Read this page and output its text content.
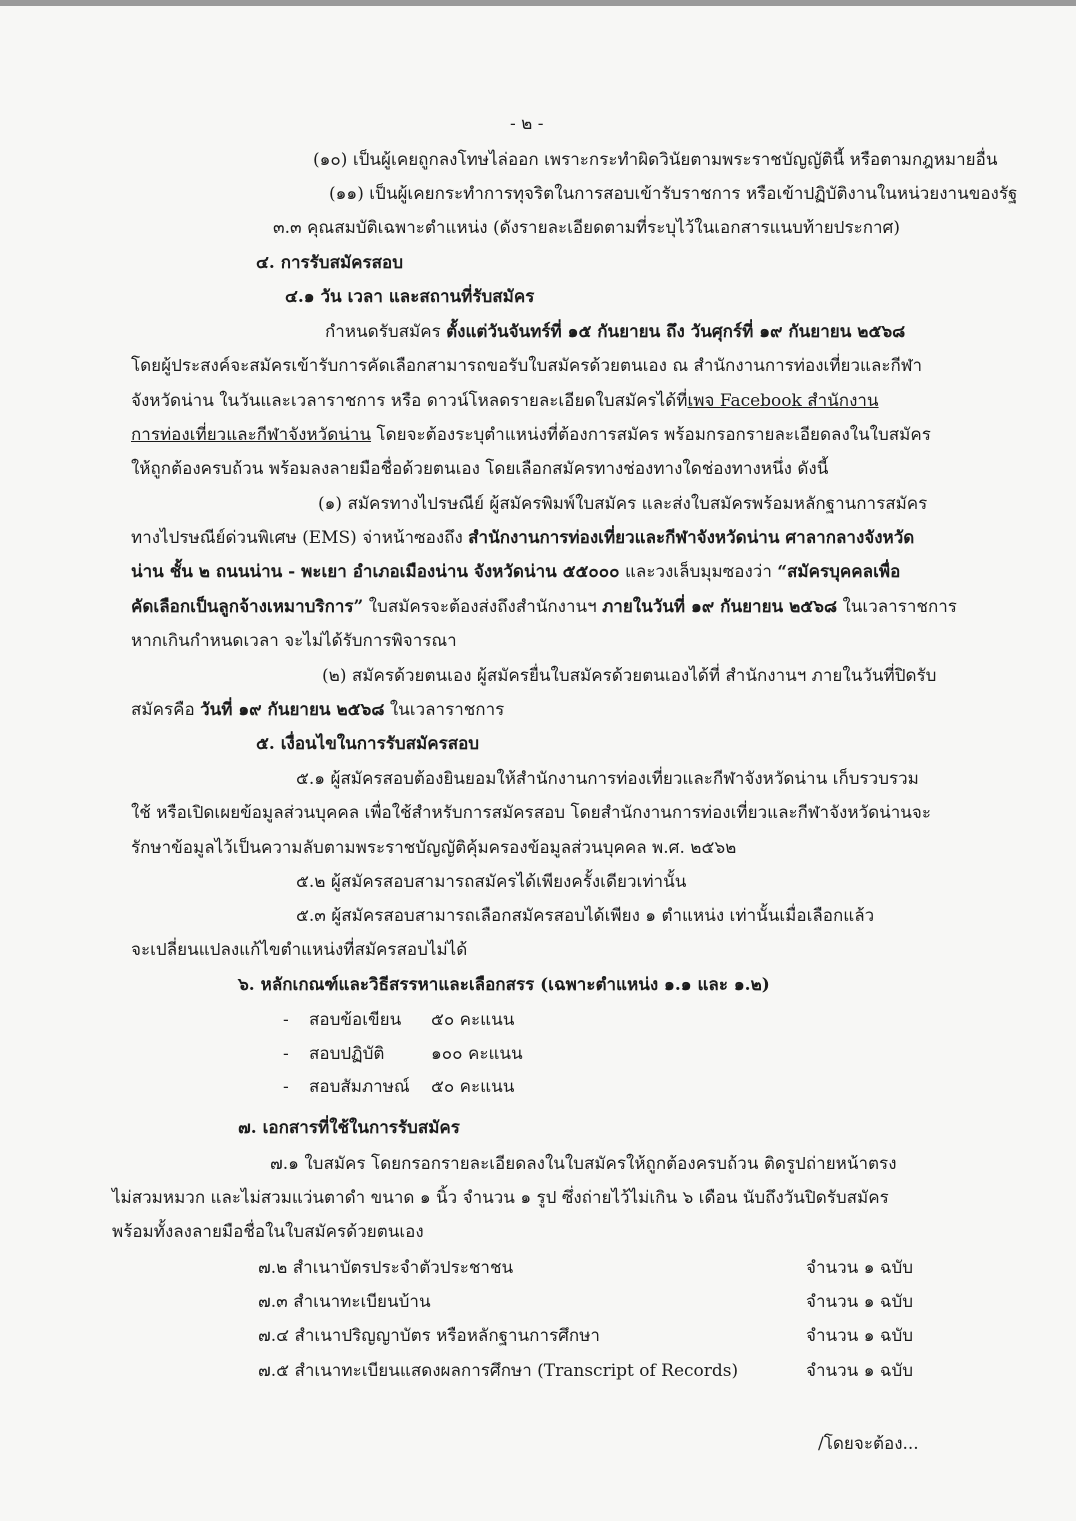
- ๒ -
(๑๐) เป็นผู้เคยถูกลงโทษไล่ออก เพราะกระทำผิดวินัยตามพระราชบัญญัตินี้ หรือตามกฎหมายอื่น
(๑๑) เป็นผู้เคยกระทำการทุจริตในการสอบเข้ารับราชการ หรือเข้าปฏิบัติงานในหน่วยงานของรัฐ
๓.๓ คุณสมบัติเฉพาะตำแหน่ง (ดังรายละเอียดตามที่ระบุไว้ในเอกสารแนบท้ายประกาศ)
๔. การรับสมัครสอบ
๔.๑ วัน เวลา และสถานที่รับสมัคร
กำหนดรับสมัคร ตั้งแต่วันจันทร์ที่ ๑๕ กันยายน ถึง วันศุกร์ที่ ๑๙ กันยายน ๒๕๖๘
โดยผู้ประสงค์จะสมัครเข้ารับการคัดเลือกสามารถขอรับใบสมัครด้วยตนเอง ณ สำนักงานการท่องเที่ยวและกีฬา
จังหวัดน่าน ในวันและเวลาราชการ หรือ ดาวน์โหลดรายละเอียดใบสมัครได้ที่เพจ Facebook สำนักงาน
การท่องเที่ยวและกีฬาจังหวัดน่าน โดยจะต้องระบุตำแหน่งที่ต้องการสมัคร พร้อมกรอกรายละเอียดลงในใบสมัคร
ให้ถูกต้องครบถ้วน พร้อมลงลายมือชื่อด้วยตนเอง โดยเลือกสมัครทางช่องทางใดช่องทางหนึ่ง ดังนี้
(๑) สมัครทางไปรษณีย์ ผู้สมัครพิมพ์ใบสมัคร และส่งใบสมัครพร้อมหลักฐานการสมัคร
ทางไปรษณีย์ด่วนพิเศษ (EMS) จ่าหน้าซองถึง สำนักงานการท่องเที่ยวและกีฬาจังหวัดน่าน ศาลากลางจังหวัด
น่าน ชั้น ๒ ถนนน่าน - พะเยา อำเภอเมืองน่าน จังหวัดน่าน ๕๕๐๐๐ และวงเล็บมุมซองว่า “สมัครบุคคลเพื่อ
คัดเลือกเป็นลูกจ้างเหมาบริการ” ใบสมัครจะต้องส่งถึงสำนักงานฯ ภายในวันที่ ๑๙ กันยายน ๒๕๖๘ ในเวลาราชการ
หากเกินกำหนดเวลา จะไม่ได้รับการพิจารณา
(๒) สมัครด้วยตนเอง ผู้สมัครยื่นใบสมัครด้วยตนเองได้ที่ สำนักงานฯ ภายในวันที่ปิดรับ
สมัครคือ วันที่ ๑๙ กันยายน ๒๕๖๘ ในเวลาราชการ
๕. เงื่อนไขในการรับสมัครสอบ
๕.๑ ผู้สมัครสอบต้องยินยอมให้สำนักงานการท่องเที่ยวและกีฬาจังหวัดน่าน เก็บรวบรวม
ใช้ หรือเปิดเผยข้อมูลส่วนบุคคล เพื่อใช้สำหรับการสมัครสอบ โดยสำนักงานการท่องเที่ยวและกีฬาจังหวัดน่านจะ
รักษาข้อมูลไว้เป็นความลับตามพระราชบัญญัติคุ้มครองข้อมูลส่วนบุคคล พ.ศ. ๒๕๖๒
๕.๒ ผู้สมัครสอบสามารถสมัครได้เพียงครั้งเดียวเท่านั้น
๕.๓ ผู้สมัครสอบสามารถเลือกสมัครสอบได้เพียง ๑ ตำแหน่ง เท่านั้นเมื่อเลือกแล้ว
จะเปลี่ยนแปลงแก้ไขตำแหน่งที่สมัครสอบไม่ได้
๖. หลักเกณฑ์และวิธีสรรหาและเลือกสรร (เฉพาะตำแหน่ง ๑.๑ และ ๑.๒)
- สอบข้อเขียน ๕๐ คะแนน
- สอบปฏิบัติ	๑๐๐ คะแนน
- สอบสัมภาษณ์ ๕๐ คะแนน
๗. เอกสารที่ใช้ในการรับสมัคร
๗.๑ ใบสมัคร โดยกรอกรายละเอียดลงในใบสมัครให้ถูกต้องครบถ้วน ติดรูปถ่ายหน้าตรง
ไม่สวมหมวก และไม่สวมแว่นตาดำ ขนาด ๑ นิ้ว จำนวน ๑ รูป ซึ่งถ่ายไว้ไม่เกิน ๖ เดือน นับถึงวันปิดรับสมัคร
พร้อมทั้งลงลายมือชื่อในใบสมัครด้วยตนเอง
๗.๒ สำเนาบัตรประจำตัวประชาชน	จำนวน ๑ ฉบับ
๗.๓ สำเนาทะเบียนบ้าน	จำนวน ๑ ฉบับ
๗.๔ สำเนาปริญญาบัตร หรือหลักฐานการศึกษา	จำนวน ๑ ฉบับ
๗.๕ สำเนาทะเบียนแสดงผลการศึกษา (Transcript of Records)	จำนวน ๑ ฉบับ
/โดยจะต้อง...
